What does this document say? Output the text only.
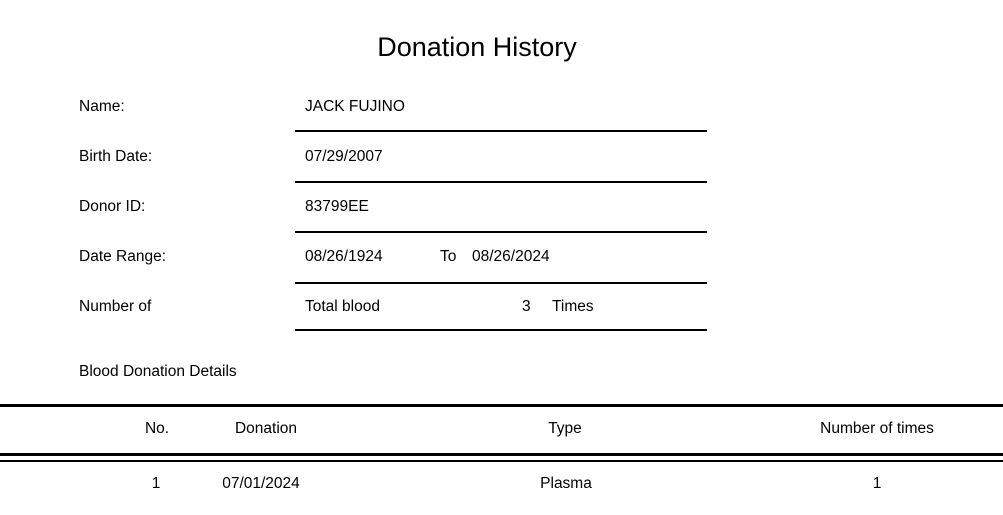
Donation History
Name:	JACK FUJINO
Birth Date:	07/29/2007
Donor ID:	83799EE
Date Range:	08/26/1924	To 08/26/2024
Number of	Total blood	3 Times
Blood Donation Details
No.	Donation	Type	Number of times
1	07/01/2024	Plasma	1
